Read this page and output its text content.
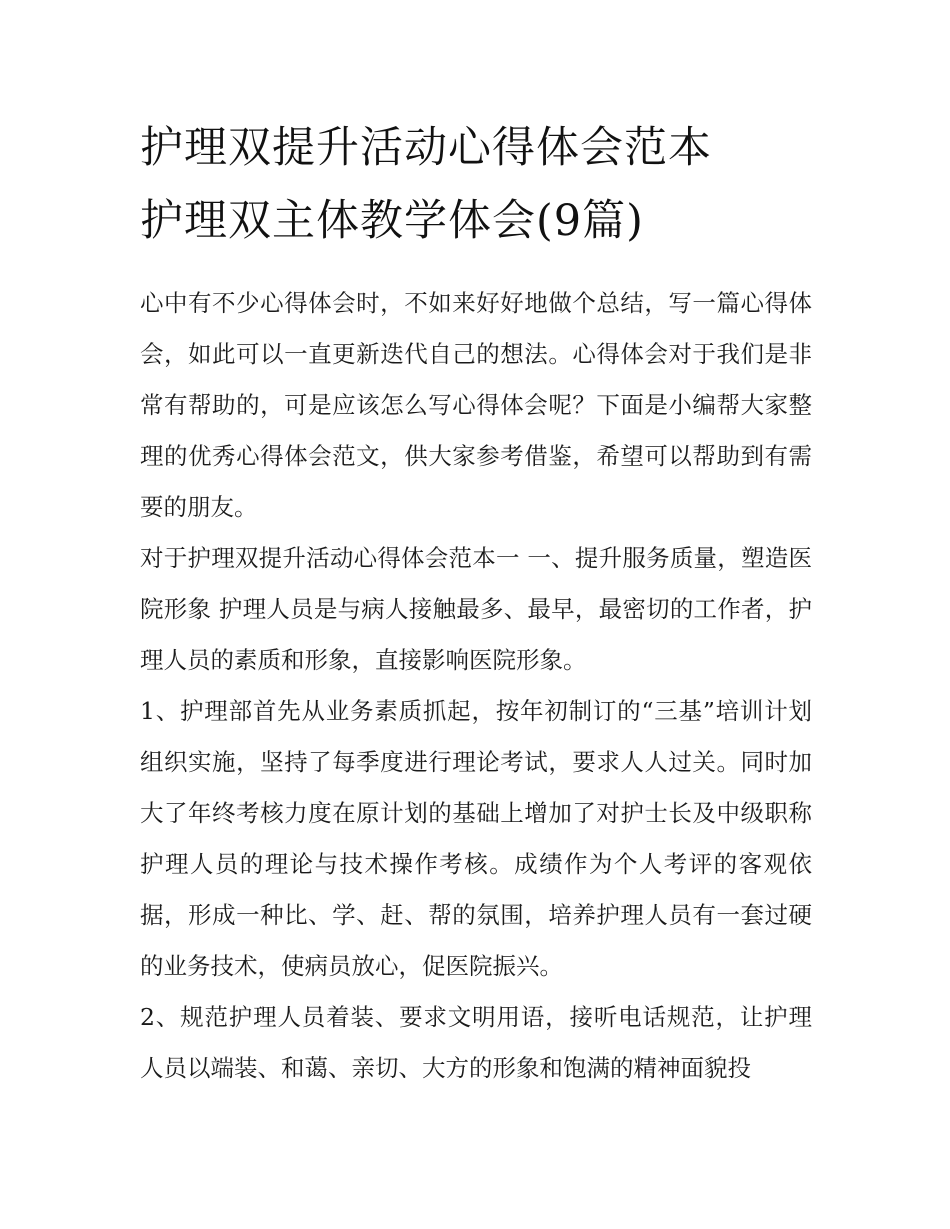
护理双提升活动心得体会范本
护理双主体教学体会(9篇)

心中有不少心得体会时，不如来好好地做个总结，写一篇心得体会，如此可以一直更新迭代自己的想法。心得体会对于我们是非常有帮助的，可是应该怎么写心得体会呢？下面是小编帮大家整理的优秀心得体会范文，供大家参考借鉴，希望可以帮助到有需要的朋友。

对于护理双提升活动心得体会范本一 一、提升服务质量，塑造医院形象 护理人员是与病人接触最多、最早，最密切的工作者，护理人员的素质和形象，直接影响医院形象。

1、护理部首先从业务素质抓起，按年初制订的“三基”培训计划组织实施，坚持了每季度进行理论考试，要求人人过关。同时加大了年终考核力度在原计划的基础上增加了对护士长及中级职称护理人员的理论与技术操作考核。成绩作为个人考评的客观依据，形成一种比、学、赶、帮的氛围，培养护理人员有一套过硬的业务技术，使病员放心，促医院振兴。

2、规范护理人员着装、要求文明用语，接听电话规范，让护理人员以端装、和蔼、亲切、大方的形象和饱满的精神面貌投
